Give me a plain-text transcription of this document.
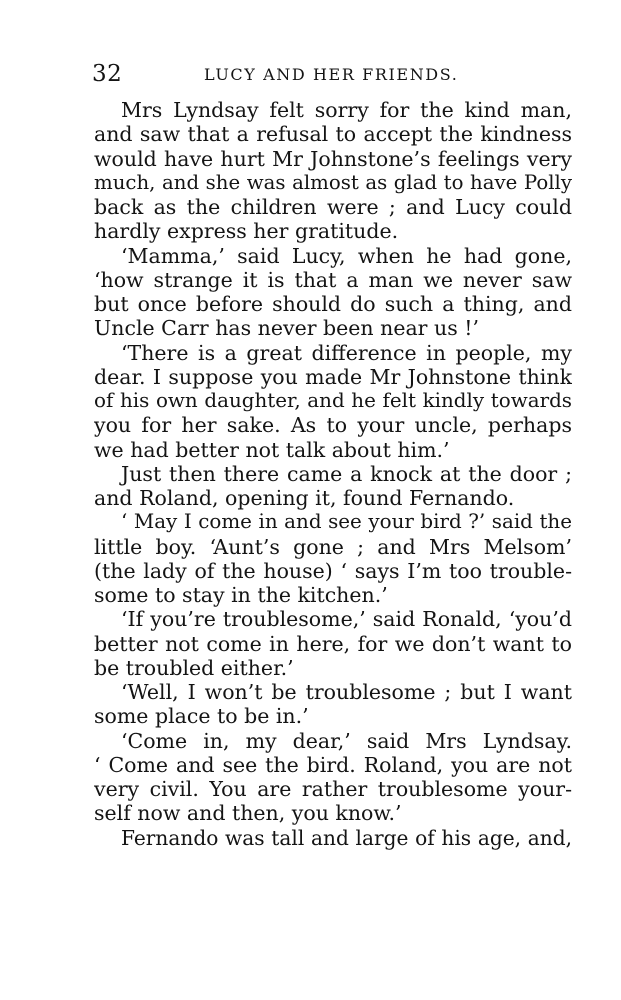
32	LUCY AND HER FRIENDS.
Mrs Lyndsay felt sorry for the kind man,
and saw that a refusal to accept the kindness
would have hurt Mr Johnstone’s feelings very
much, and she was almost as glad to have Polly
back as the children were ; and Lucy could
hardly express her gratitude.
‘Mamma,’ said Lucy, when he had gone,
‘how strange it is that a man we never saw
but once before should do such a thing, and
Uncle Carr has never been near us !’
‘There is a great difference in people, my
dear. I suppose you made Mr Johnstone think
of his own daughter, and he felt kindly towards
you for her sake. As to your uncle, perhaps
we had better not talk about him.’
Just then there came a knock at the door ;
and Roland, opening it, found Fernando.
‘ May I come in and see your bird ?’ said the
little boy. ‘Aunt’s gone ; and Mrs Melsom’
(the lady of the house) ‘ says I’m too trouble-
some to stay in the kitchen.’
‘If you’re troublesome,’ said Ronald, ‘you’d
better not come in here, for we don’t want to
be troubled either.’
‘Well, I won’t be troublesome ; but I want
some place to be in.’
‘Come in, my dear,’ said Mrs Lyndsay.
‘ Come and see the bird. Roland, you are not
very civil. You are rather troublesome your-
self now and then, you know.’
Fernando was tall and large of his age, and,
